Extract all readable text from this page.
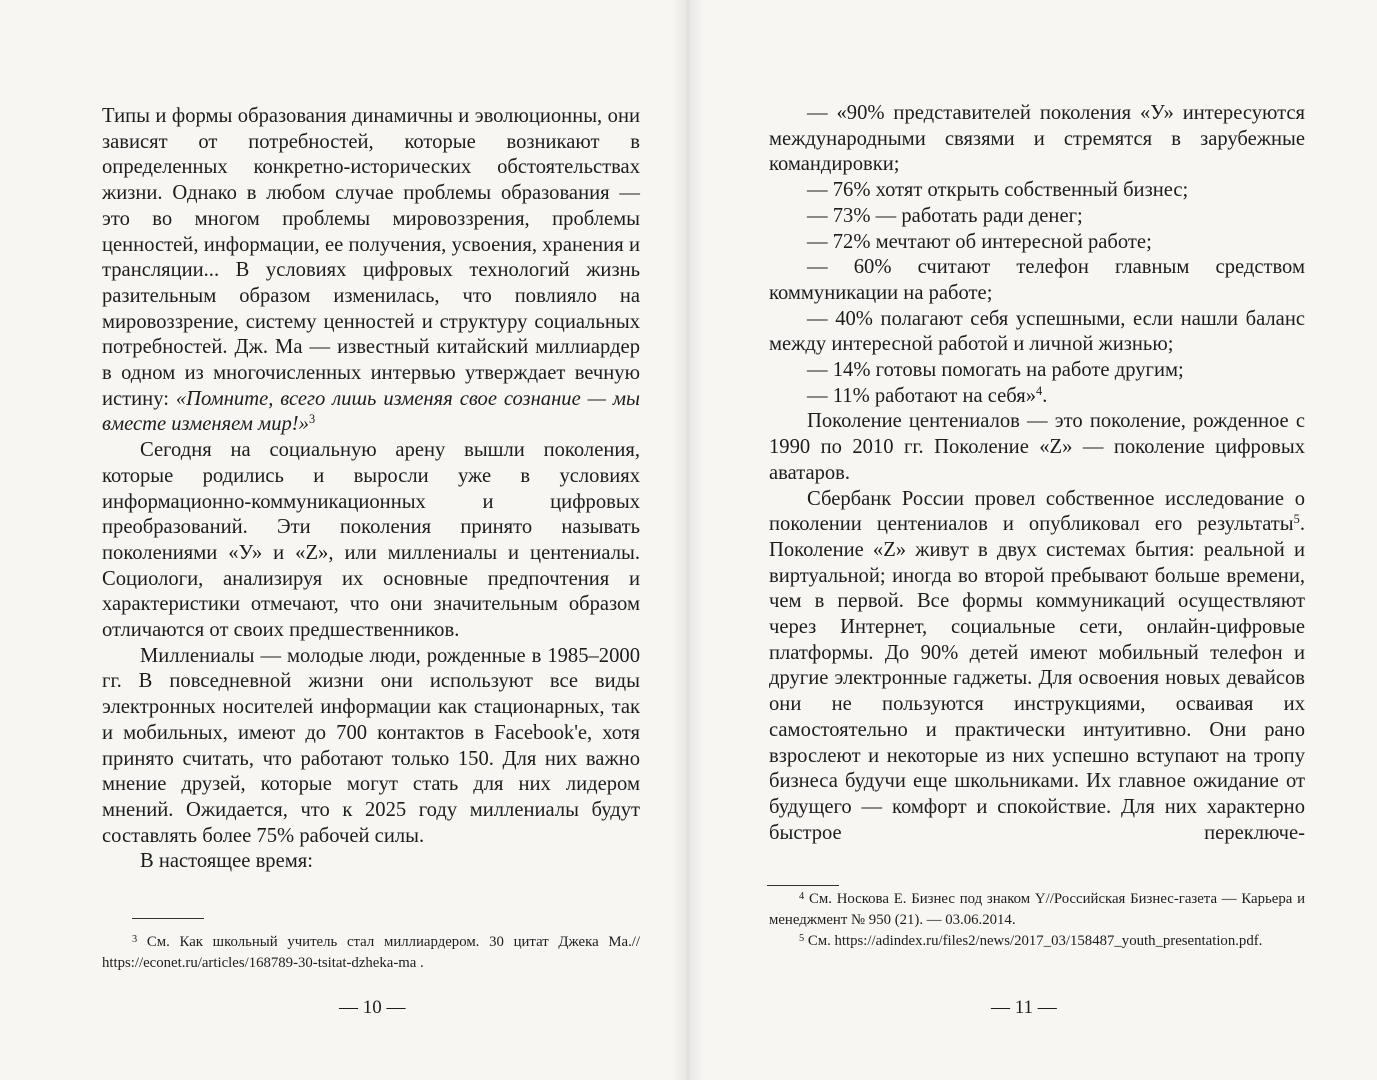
Типы и формы образования динамичны и эволюционны, они зависят от потребностей, которые возникают в определенных конкретно-исторических обстоятельствах жизни. Однако в любом случае проблемы образования — это во многом проблемы мировоззрения, проблемы ценностей, информации, ее получения, усвоения, хранения и трансляции... В условиях цифровых технологий жизнь разительным образом изменилась, что повлияло на мировоззрение, систему ценностей и структуру социальных потребностей. Дж. Ма — известный китайский миллиардер в одном из многочисленных интервью утверждает вечную истину: «Помните, всего лишь изменяя свое сознание — мы вместе изменяем мир!»$^3$

Сегодня на социальную арену вышли поколения, которые родились и выросли уже в условиях информационно-коммуникационных и цифровых преобразований. Эти поколения принято называть поколениями «У» и «Z», или миллениалы и центениалы. Социологи, анализируя их основные предпочтения и характеристики отмечают, что они значительным образом отличаются от своих предшественников.

Миллениалы — молодые люди, рожденные в 1985–2000 гг. В повседневной жизни они используют все виды электронных носителей информации как стационарных, так и мобильных, имеют до 700 контактов в Facebook'е, хотя принято считать, что работают только 150. Для них важно мнение друзей, которые могут стать для них лидером мнений. Ожидается, что к 2025 году миллениалы будут составлять более 75% рабочей силы.

В настоящее время:

$^3$ См. Как школьный учитель стал миллиардером. 30 цитат Джека Ма.// https://econet.ru/articles/168789-30-tsitat-dzheka-ma .

— 10 —

— «90% представителей поколения «У» интересуются международными связями и стремятся в зарубежные командировки;

— 76% хотят открыть собственный бизнес;

— 73% — работать ради денег;

— 72% мечтают об интересной работе;

— 60% считают телефон главным средством коммуникации на работе;

— 40% полагают себя успешными, если нашли баланс между интересной работой и личной жизнью;

— 14% готовы помогать на работе другим;

— 11% работают на себя»$^4$.

Поколение центениалов — это поколение, рожденное с 1990 по 2010 гг. Поколение «Z» — поколение цифровых аватаров.

Сбербанк России провел собственное исследование о поколении центениалов и опубликовал его результаты$^5$. Поколение «Z» живут в двух системах бытия: реальной и виртуальной; иногда во второй пребывают больше времени, чем в первой. Все формы коммуникаций осуществляют через Интернет, социальные сети, онлайн-цифровые платформы. До 90% детей имеют мобильный телефон и другие электронные гаджеты. Для освоения новых девайсов они не пользуются инструкциями, осваивая их самостоятельно и практически интуитивно. Они рано взрослеют и некоторые из них успешно вступают на тропу бизнеса будучи еще школьниками. Их главное ожидание от будущего — комфорт и спокойствие. Для них характерно быстрое переключе-

$^4$ См. Носкова Е. Бизнес под знаком Y//Российская Бизнес-газета — Карьера и менеджмент № 950 (21). — 03.06.2014.

$^5$ См. https://adindex.ru/files2/news/2017_03/158487_youth_presentation.pdf.

— 11 —
